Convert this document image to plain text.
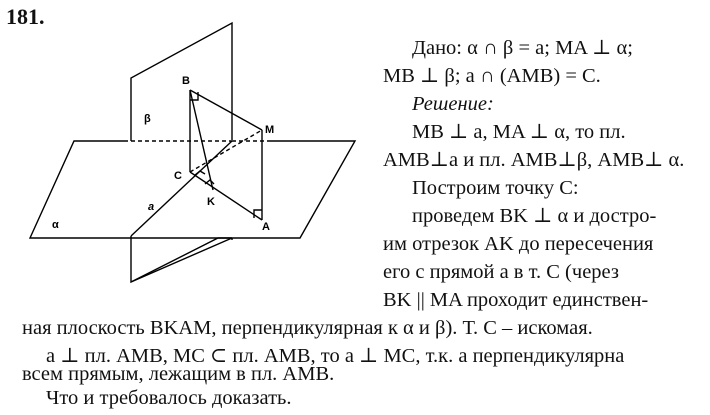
181.
B
M
C
K
A
a
α
β
Дано: α ∩ β = a; MA ⊥ α;
MB ⊥ β; a ∩ (AMB) = C.
Решение:
MB ⊥ a, MA ⊥ α, то пл.
AMB⊥a и пл. AMB⊥β, AMB⊥ α.
Построим точку C:
проведем BK ⊥ α и достро-
им отрезок AK до пересечения
его с прямой a в т. C (через
BK || MA проходит единствен-
ная плоскость BKAM, перпендикулярная к α и β). Т. C – искомая.
a ⊥ пл. AMB, MC ⊂ пл. AMB, то a ⊥ MC, т.к. a перпендикулярна
всем прямым, лежащим в пл. AMB.
Что и требовалось доказать.
